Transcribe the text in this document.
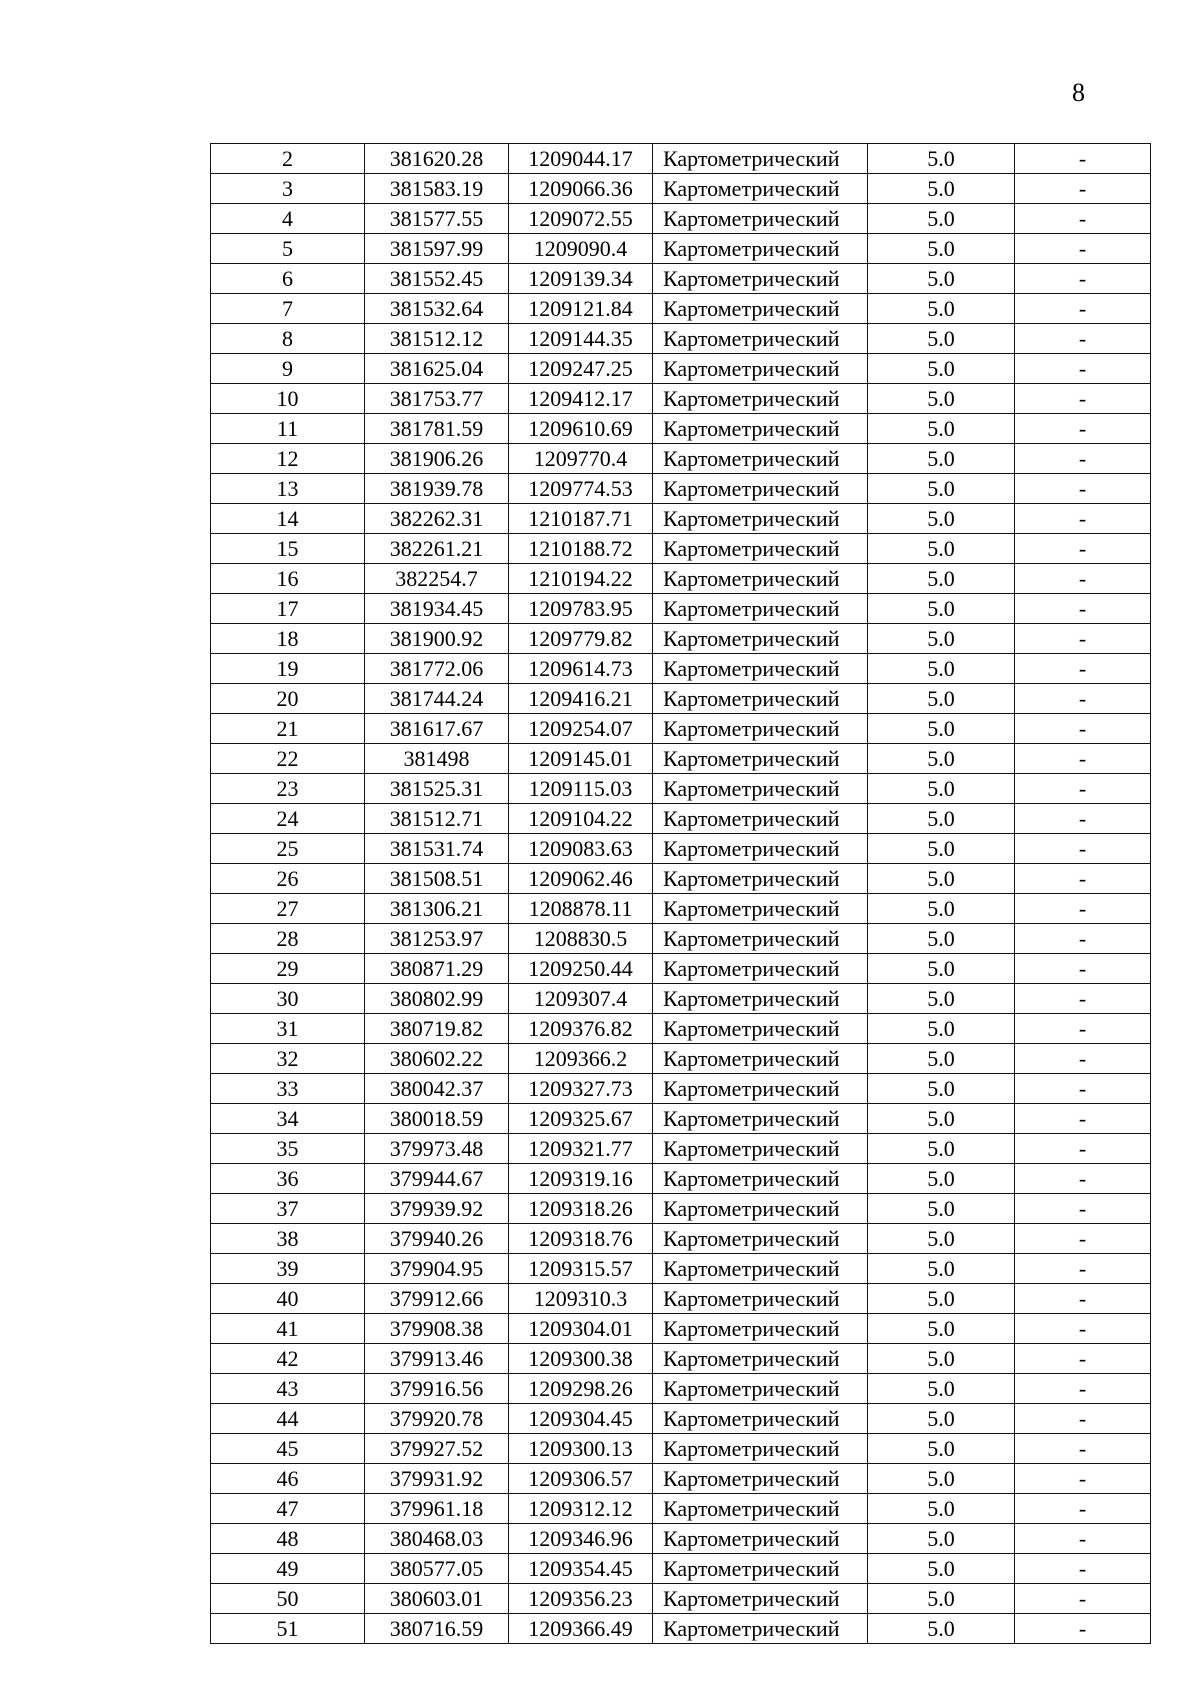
8
2	381620.28	1209044.17	Картометрический	5.0	-
3	381583.19	1209066.36	Картометрический	5.0	-
4	381577.55	1209072.55	Картометрический	5.0	-
5	381597.99	1209090.4	Картометрический	5.0	-
6	381552.45	1209139.34	Картометрический	5.0	-
7	381532.64	1209121.84	Картометрический	5.0	-
8	381512.12	1209144.35	Картометрический	5.0	-
9	381625.04	1209247.25	Картометрический	5.0	-
10	381753.77	1209412.17	Картометрический	5.0	-
11	381781.59	1209610.69	Картометрический	5.0	-
12	381906.26	1209770.4	Картометрический	5.0	-
13	381939.78	1209774.53	Картометрический	5.0	-
14	382262.31	1210187.71	Картометрический	5.0	-
15	382261.21	1210188.72	Картометрический	5.0	-
16	382254.7	1210194.22	Картометрический	5.0	-
17	381934.45	1209783.95	Картометрический	5.0	-
18	381900.92	1209779.82	Картометрический	5.0	-
19	381772.06	1209614.73	Картометрический	5.0	-
20	381744.24	1209416.21	Картометрический	5.0	-
21	381617.67	1209254.07	Картометрический	5.0	-
22	381498	1209145.01	Картометрический	5.0	-
23	381525.31	1209115.03	Картометрический	5.0	-
24	381512.71	1209104.22	Картометрический	5.0	-
25	381531.74	1209083.63	Картометрический	5.0	-
26	381508.51	1209062.46	Картометрический	5.0	-
27	381306.21	1208878.11	Картометрический	5.0	-
28	381253.97	1208830.5	Картометрический	5.0	-
29	380871.29	1209250.44	Картометрический	5.0	-
30	380802.99	1209307.4	Картометрический	5.0	-
31	380719.82	1209376.82	Картометрический	5.0	-
32	380602.22	1209366.2	Картометрический	5.0	-
33	380042.37	1209327.73	Картометрический	5.0	-
34	380018.59	1209325.67	Картометрический	5.0	-
35	379973.48	1209321.77	Картометрический	5.0	-
36	379944.67	1209319.16	Картометрический	5.0	-
37	379939.92	1209318.26	Картометрический	5.0	-
38	379940.26	1209318.76	Картометрический	5.0	-
39	379904.95	1209315.57	Картометрический	5.0	-
40	379912.66	1209310.3	Картометрический	5.0	-
41	379908.38	1209304.01	Картометрический	5.0	-
42	379913.46	1209300.38	Картометрический	5.0	-
43	379916.56	1209298.26	Картометрический	5.0	-
44	379920.78	1209304.45	Картометрический	5.0	-
45	379927.52	1209300.13	Картометрический	5.0	-
46	379931.92	1209306.57	Картометрический	5.0	-
47	379961.18	1209312.12	Картометрический	5.0	-
48	380468.03	1209346.96	Картометрический	5.0	-
49	380577.05	1209354.45	Картометрический	5.0	-
50	380603.01	1209356.23	Картометрический	5.0	-
51	380716.59	1209366.49	Картометрический	5.0	-
